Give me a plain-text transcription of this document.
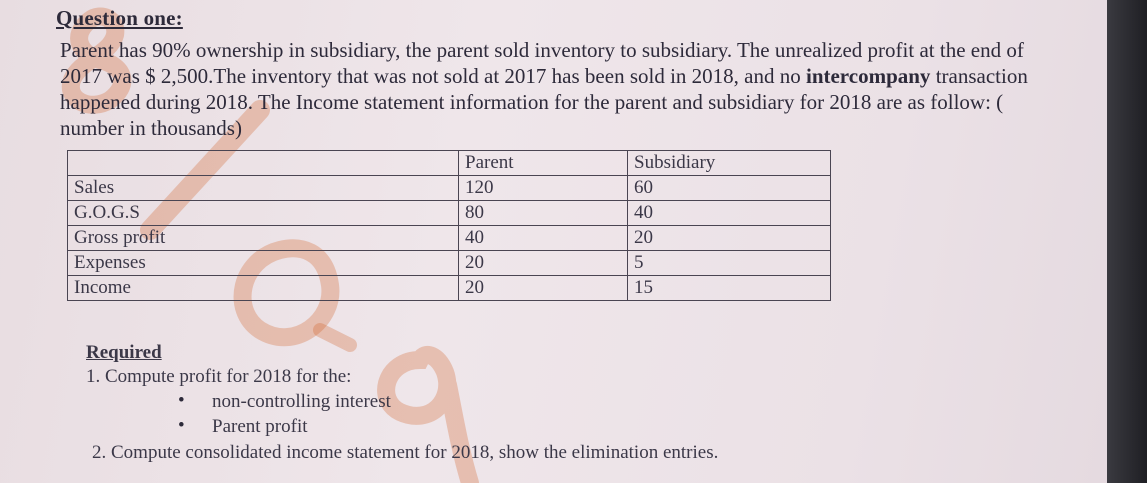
Question one:

Parent has 90% ownership in subsidiary, the parent sold inventory to subsidiary. The unrealized profit at the end of 2017 was $ 2,500.The inventory that was not sold at 2017 has been sold in 2018, and no intercompany transaction happened during 2018. The Income statement information for the parent and subsidiary for 2018 are as follow: ( number in thousands)

	Parent	Subsidiary
Sales	120	60
G.O.G.S	80	40
Gross profit	40	20
Expenses	20	5
Income	20	15

Required

1. Compute profit for 2018 for the:

• non-controlling interest
• Parent profit

2. Compute consolidated income statement for 2018, show the elimination entries.
